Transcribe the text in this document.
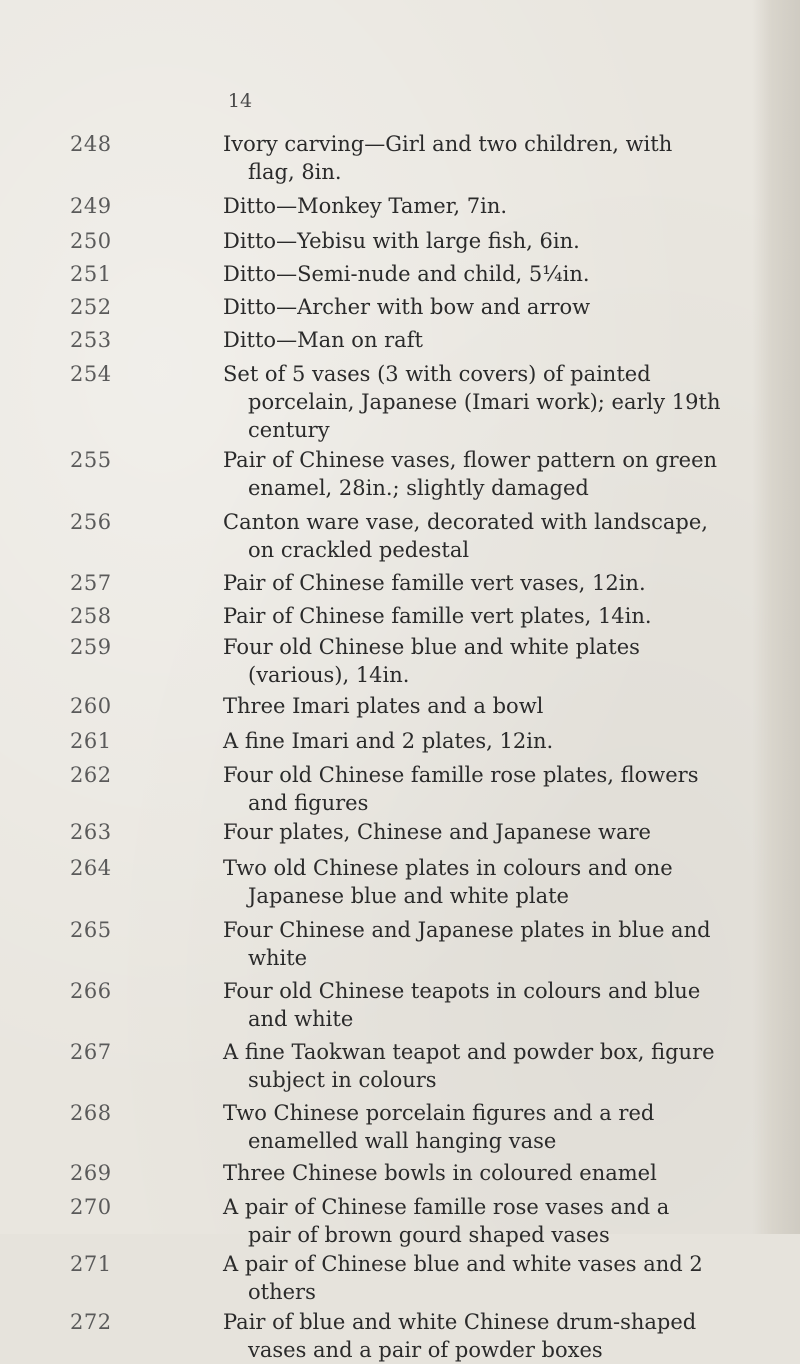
14
248	Ivory carving—Girl and two children, with
flag, 8in.
249	Ditto—Monkey Tamer, 7in.
250	Ditto—Yebisu with large fish, 6in.
251	Ditto—Semi-nude and child, 5¼in.
252	Ditto—Archer with bow and arrow
253	Ditto—Man on raft
254	Set of 5 vases (3 with covers) of painted
porcelain, Japanese (Imari work); early 19th century
255	Pair of Chinese vases, flower pattern on green
enamel, 28in.; slightly damaged
256	Canton ware vase, decorated with landscape,
on crackled pedestal
257	Pair of Chinese famille vert vases, 12in.
258	Pair of Chinese famille vert plates, 14in.
259	Four old Chinese blue and white plates
(various), 14in.
260	Three Imari plates and a bowl
261	A fine Imari and 2 plates, 12in.
262	Four old Chinese famille rose plates, flowers
and figures
263	Four plates, Chinese and Japanese ware
264	Two old Chinese plates in colours and one
Japanese blue and white plate
265	Four Chinese and Japanese plates in blue and
white
266	Four old Chinese teapots in colours and blue
and white
267	A fine Taokwan teapot and powder box, figure
subject in colours
268	Two Chinese porcelain figures and a red
enamelled wall hanging vase
269	Three Chinese bowls in coloured enamel
270	A pair of Chinese famille rose vases and a
pair of brown gourd shaped vases
271	A pair of Chinese blue and white vases and 2
others
272	Pair of blue and white Chinese drum-shaped
vases and a pair of powder boxes
